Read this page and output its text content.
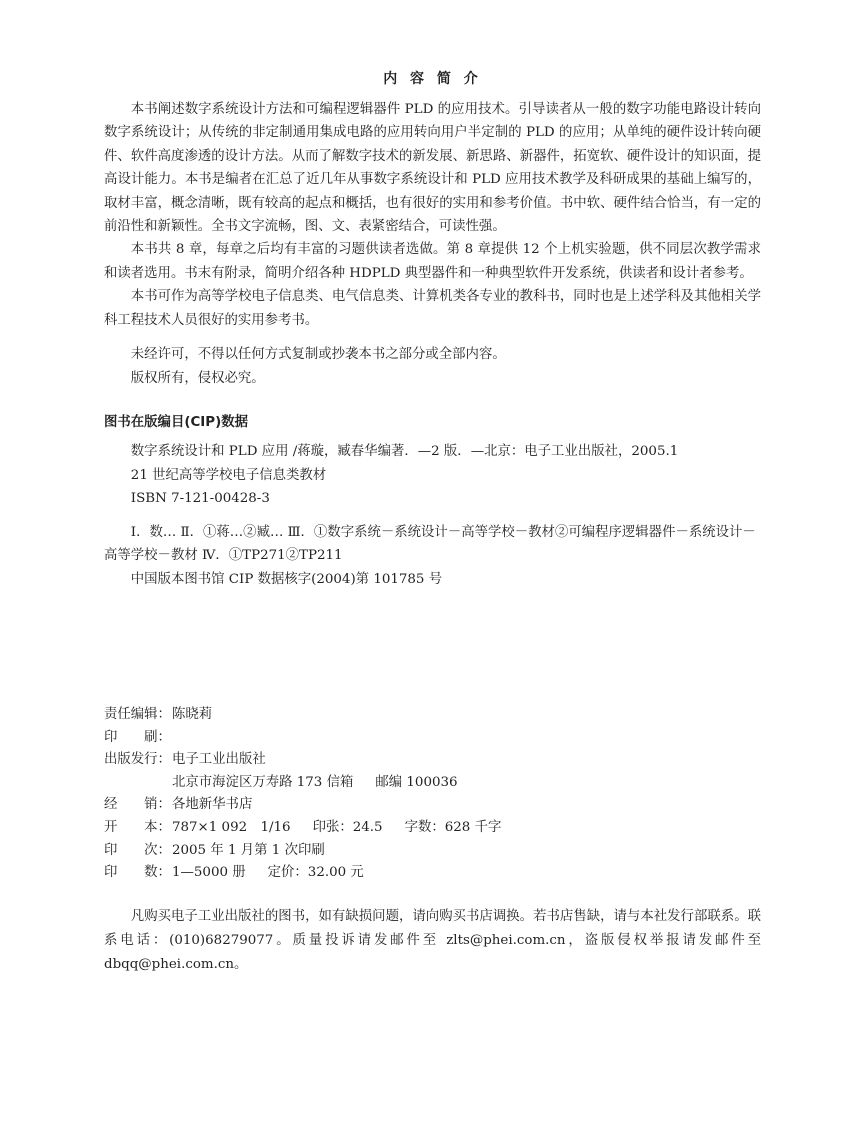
内 容 简 介

本书阐述数字系统设计方法和可编程逻辑器件 PLD 的应用技术。引导读者从一般的数字功能电路设计转向数字系统设计；从传统的非定制通用集成电路的应用转向用户半定制的 PLD 的应用；从单纯的硬件设计转向硬件、软件高度渗透的设计方法。从而了解数字技术的新发展、新思路、新器件，拓宽软、硬件设计的知识面，提高设计能力。本书是编者在汇总了近几年从事数字系统设计和 PLD 应用技术教学及科研成果的基础上编写的，取材丰富，概念清晰，既有较高的起点和概括，也有很好的实用和参考价值。书中软、硬件结合恰当，有一定的前沿性和新颖性。全书文字流畅，图、文、表紧密结合，可读性强。

本书共 8 章，每章之后均有丰富的习题供读者选做。第 8 章提供 12 个上机实验题，供不同层次教学需求和读者选用。书末有附录，简明介绍各种 HDPLD 典型器件和一种典型软件开发系统，供读者和设计者参考。

本书可作为高等学校电子信息类、电气信息类、计算机类各专业的教科书，同时也是上述学科及其他相关学科工程技术人员很好的实用参考书。

未经许可，不得以任何方式复制或抄袭本书之部分或全部内容。

版权所有，侵权必究。

图书在版编目(CIP)数据

数字系统设计和 PLD 应用 /蒋璇，臧春华编著．—2 版．—北京：电子工业出版社，2005.1

21 世纪高等学校电子信息类教材

ISBN 7-121-00428-3

Ⅰ．数… Ⅱ．①蒋…②臧… Ⅲ．①数字系统－系统设计－高等学校－教材②可编程序逻辑器件－系统设计－高等学校－教材 Ⅳ．①TP271②TP211

中国版本图书馆 CIP 数据核字(2004)第 101785 号

责任编辑： 陈晓莉
印　　刷：
出版发行： 电子工业出版社
北京市海淀区万寿路 173 信箱 邮编 100036
经　　销： 各地新华书店
开　　本： 787×1 092　1/16 印张：24.5 字数：628 千字
印　　次： 2005 年 1 月第 1 次印刷
印　　数： 1—5000 册 定价：32.00 元

凡购买电子工业出版社的图书，如有缺损问题，请向购买书店调换。若书店售缺，请与本社发行部联系。联系电话：(010)68279077。质量投诉请发邮件至 zlts@phei.com.cn，盗版侵权举报请发邮件至 dbqq@phei.com.cn。
